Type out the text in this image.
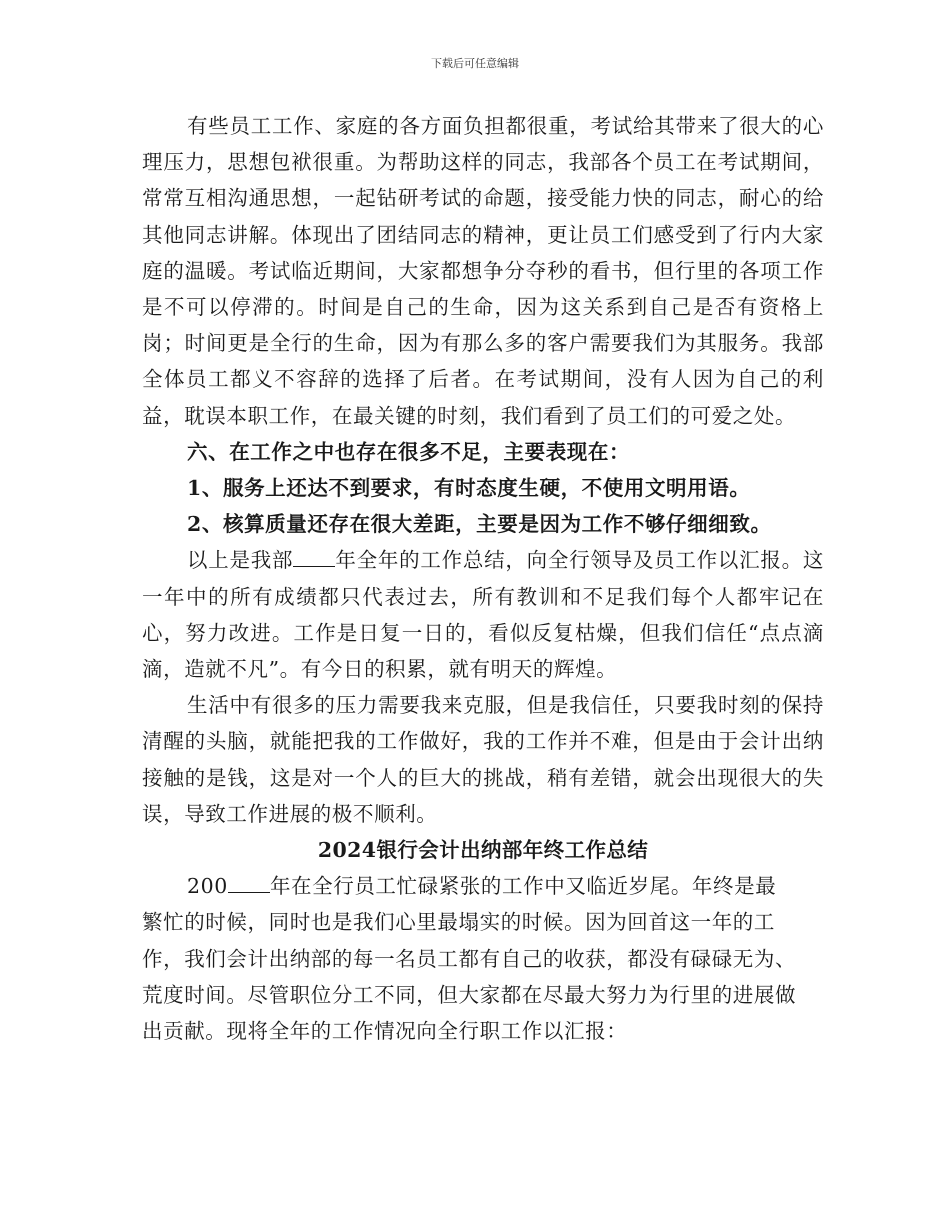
下载后可任意编辑

有些员工工作、家庭的各方面负担都很重，考试给其带来了很大的心理压力，思想包袱很重。为帮助这样的同志，我部各个员工在考试期间，常常互相沟通思想，一起钻研考试的命题，接受能力快的同志，耐心的给其他同志讲解。体现出了团结同志的精神，更让员工们感受到了行内大家庭的温暖。考试临近期间，大家都想争分夺秒的看书，但行里的各项工作是不可以停滞的。时间是自己的生命，因为这关系到自己是否有资格上岗；时间更是全行的生命，因为有那么多的客户需要我们为其服务。我部全体员工都义不容辞的选择了后者。在考试期间，没有人因为自己的利益，耽误本职工作，在最关键的时刻，我们看到了员工们的可爱之处。

六、在工作之中也存在很多不足，主要表现在：

1、服务上还达不到要求，有时态度生硬，不使用文明用语。

2、核算质量还存在很大差距，主要是因为工作不够仔细细致。

以上是我部 年全年的工作总结，向全行领导及员工作以汇报。这一年中的所有成绩都只代表过去，所有教训和不足我们每个人都牢记在心，努力改进。工作是日复一日的，看似反复枯燥，但我们信任“点点滴滴，造就不凡”。有今日的积累，就有明天的辉煌。

生活中有很多的压力需要我来克服，但是我信任，只要我时刻的保持清醒的头脑，就能把我的工作做好，我的工作并不难，但是由于会计出纳接触的是钱，这是对一个人的巨大的挑战，稍有差错，就会出现很大的失误，导致工作进展的极不顺利。

2024银行会计出纳部年终工作总结

200 年在全行员工忙碌紧张的工作中又临近岁尾。年终是最繁忙的时候，同时也是我们心里最塌实的时候。因为回首这一年的工作，我们会计出纳部的每一名员工都有自己的收获，都没有碌碌无为、荒度时间。尽管职位分工不同，但大家都在尽最大努力为行里的进展做出贡献。现将全年的工作情况向全行职工作以汇报：
